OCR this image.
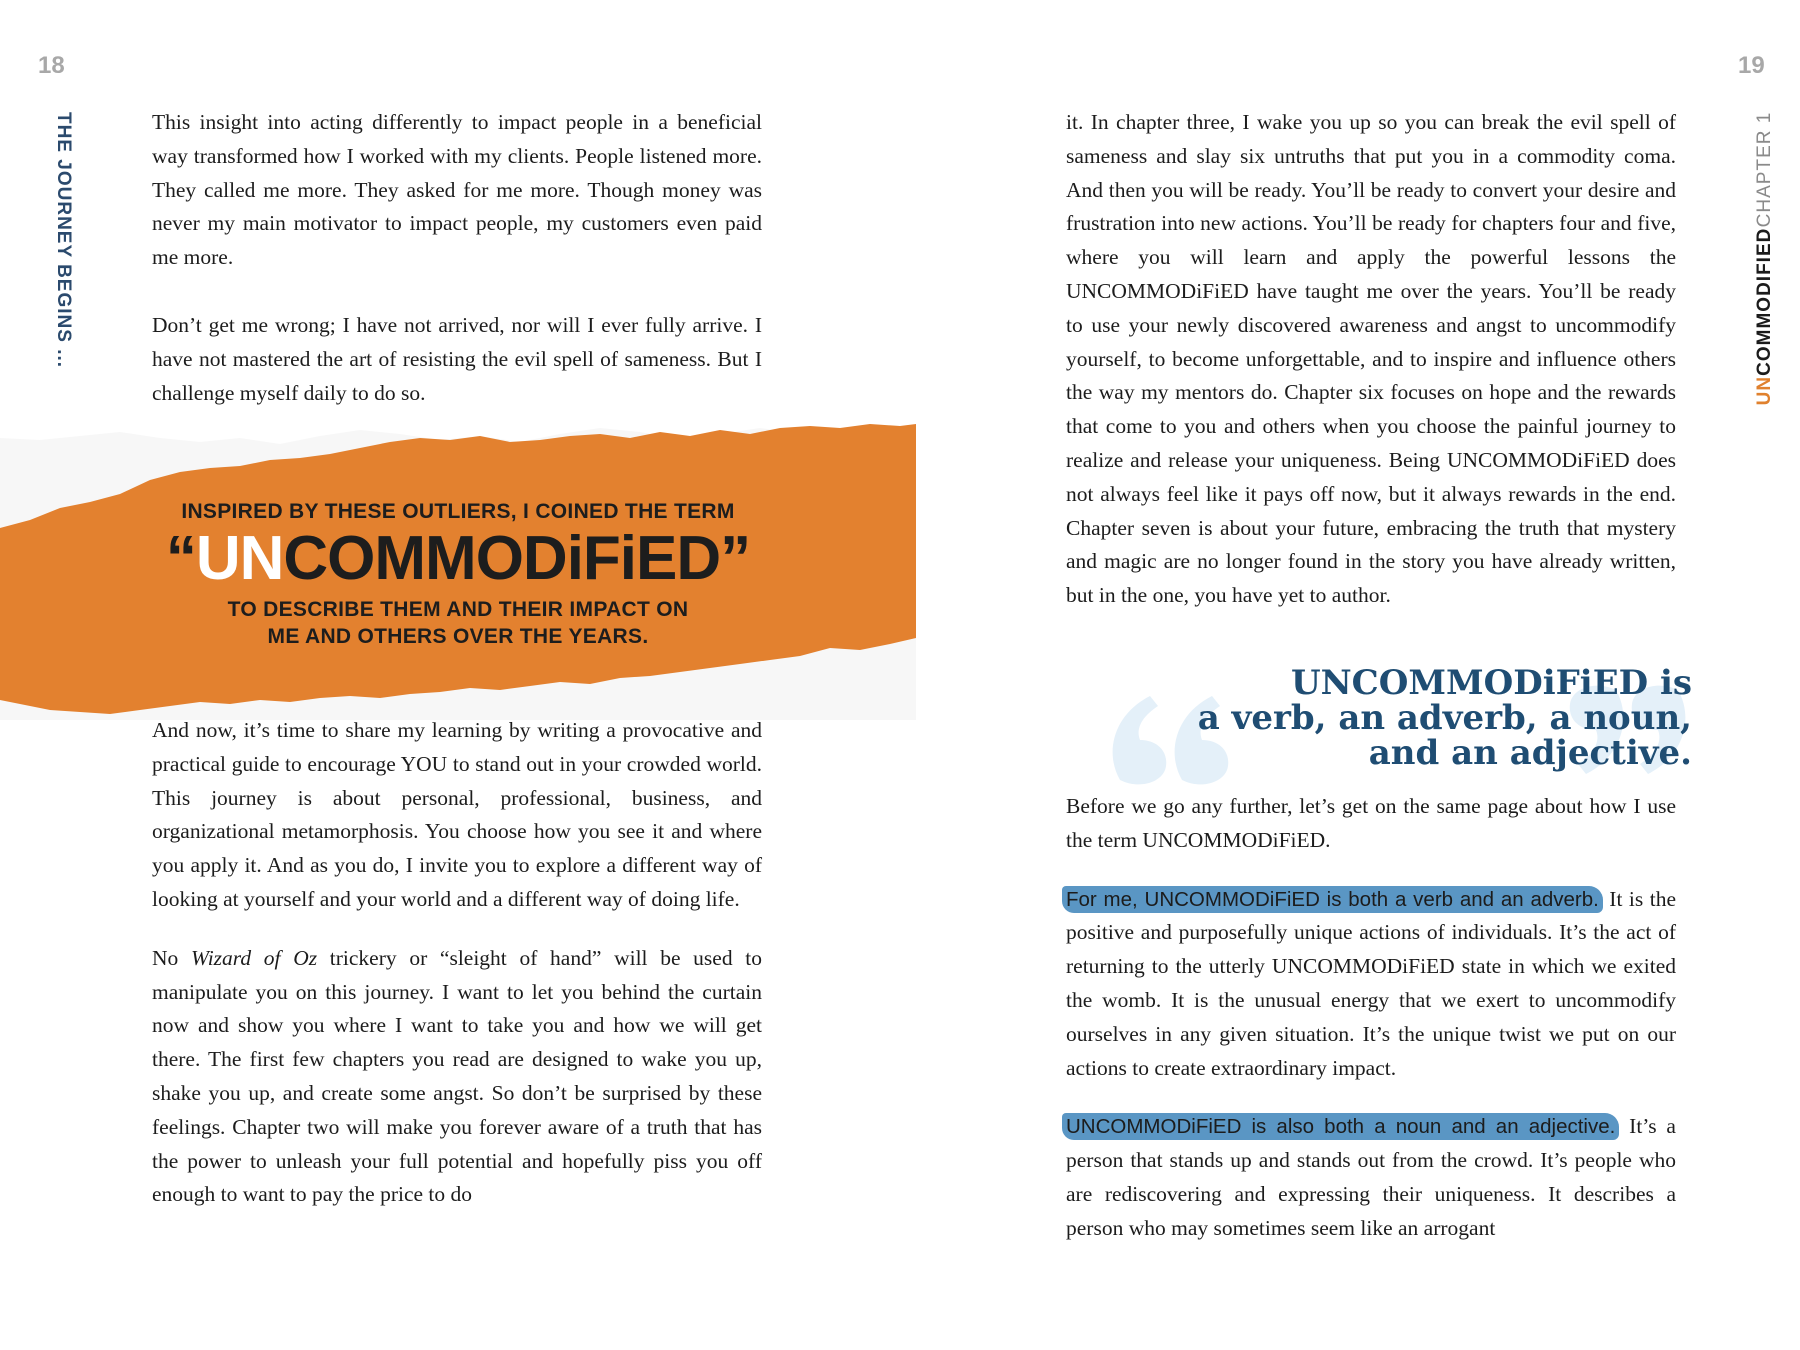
18	19
THE JOURNEY BEGINS ...
UNCOMMODIFIEDCHAPTER 1

This insight into acting differently to impact people in a beneficial way transformed how I worked with my clients. People listened more. They called me more. They asked for me more. Though money was never my main motivator to impact people, my customers even paid me more.

Don’t get me wrong; I have not arrived, nor will I ever fully arrive. I have not mastered the art of resisting the evil spell of sameness. But I challenge myself daily to do so.

INSPIRED BY THESE OUTLIERS, I COINED THE TERM
“UNCOMMODiFiED”
TO DESCRIBE THEM AND THEIR IMPACT ON
ME AND OTHERS OVER THE YEARS.

And now, it’s time to share my learning by writing a provocative and practical guide to encourage YOU to stand out in your crowded world. This journey is about personal, professional, business, and organizational metamorphosis. You choose how you see it and where you apply it. And as you do, I invite you to explore a different way of looking at yourself and your world and a different way of doing life.

No Wizard of Oz trickery or “sleight of hand” will be used to manipulate you on this journey. I want to let you behind the curtain now and show you where I want to take you and how we will get there. The first few chapters you read are designed to wake you up, shake you up, and create some angst. So don’t be surprised by these feelings. Chapter two will make you forever aware of a truth that has the power to unleash your full potential and hopefully piss you off enough to want to pay the price to do

it. In chapter three, I wake you up so you can break the evil spell of sameness and slay six untruths that put you in a commodity coma. And then you will be ready. You’ll be ready to convert your desire and frustration into new actions. You’ll be ready for chapters four and five, where you will learn and apply the powerful lessons the UNCOMMODiFiED have taught me over the years. You’ll be ready to use your newly discovered awareness and angst to uncommodify yourself, to become unforgettable, and to inspire and influence others the way my mentors do. Chapter six focuses on hope and the rewards that come to you and others when you choose the painful journey to realize and release your uniqueness. Being UNCOMMODiFiED does not always feel like it pays off now, but it always rewards in the end. Chapter seven is about your future, embracing the truth that mystery and magic are no longer found in the story you have already written, but in the one, you have yet to author.

UNCOMMODiFiED is
a verb, an adverb, a noun,
and an adjective.

Before we go any further, let’s get on the same page about how I use the term UNCOMMODiFiED.

For me, UNCOMMODiFiED is both a verb and an adverb. It is the positive and purposefully unique actions of individuals. It’s the act of returning to the utterly UNCOMMODiFiED state in which we exited the womb. It is the unusual energy that we exert to uncommodify ourselves in any given situation. It’s the unique twist we put on our actions to create extraordinary impact.

UNCOMMODiFiED is also both a noun and an adjective. It’s a person that stands up and stands out from the crowd. It’s people who are rediscovering and expressing their uniqueness. It describes a person who may sometimes seem like an arrogant
